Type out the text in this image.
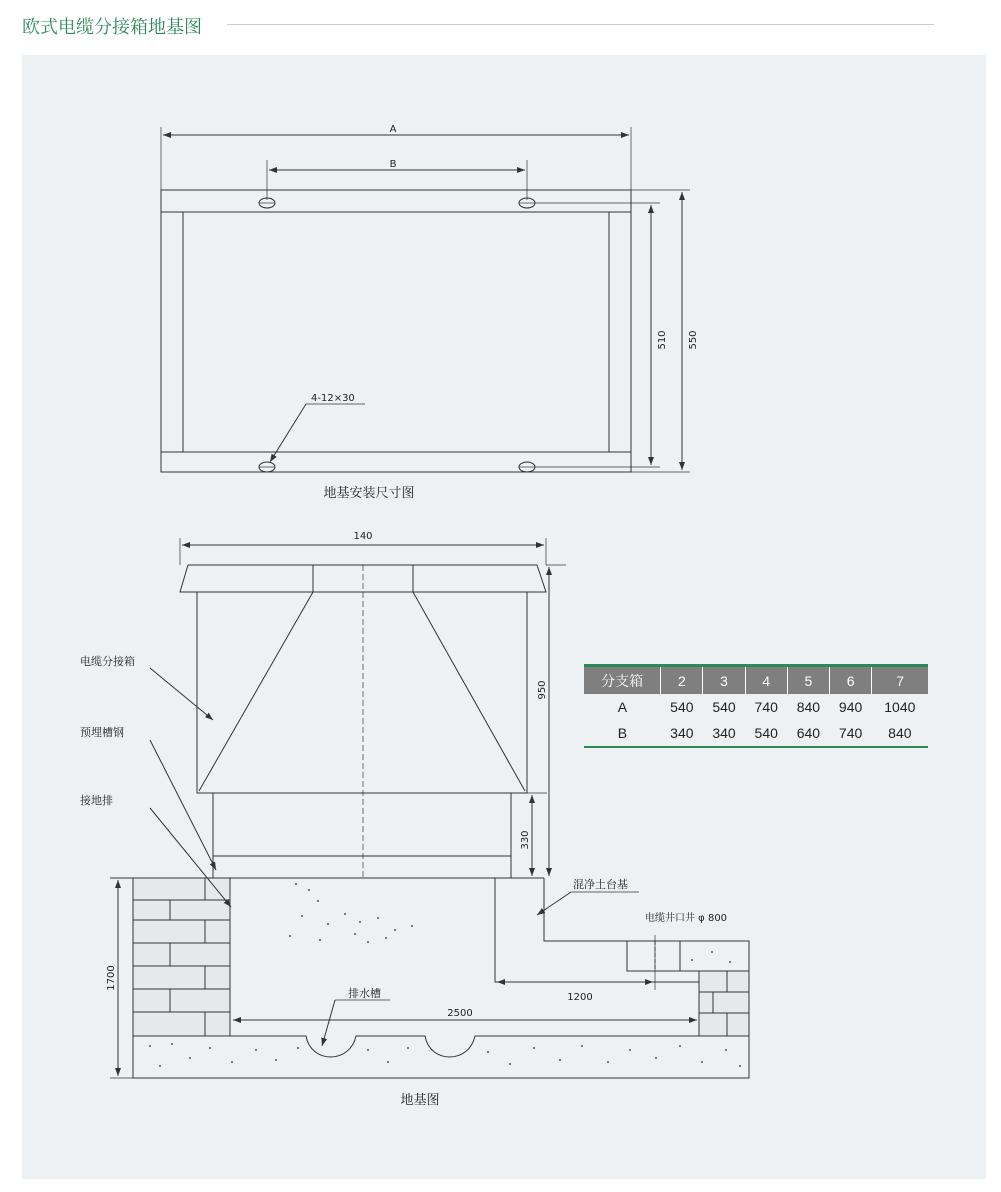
欧式电缆分接箱地基图
A
B
510 550
4-12×30
地基安装尺寸图
140
950
330
1700
1200
2500
电缆分接箱
预埋槽钢
接地排
混净土台基
电缆井口井 φ 800
排水槽
地基图
分支箱	2	3	4	5	6	7
A	540	540	740	840	940	1040
B	340	340	540	640	740	840
